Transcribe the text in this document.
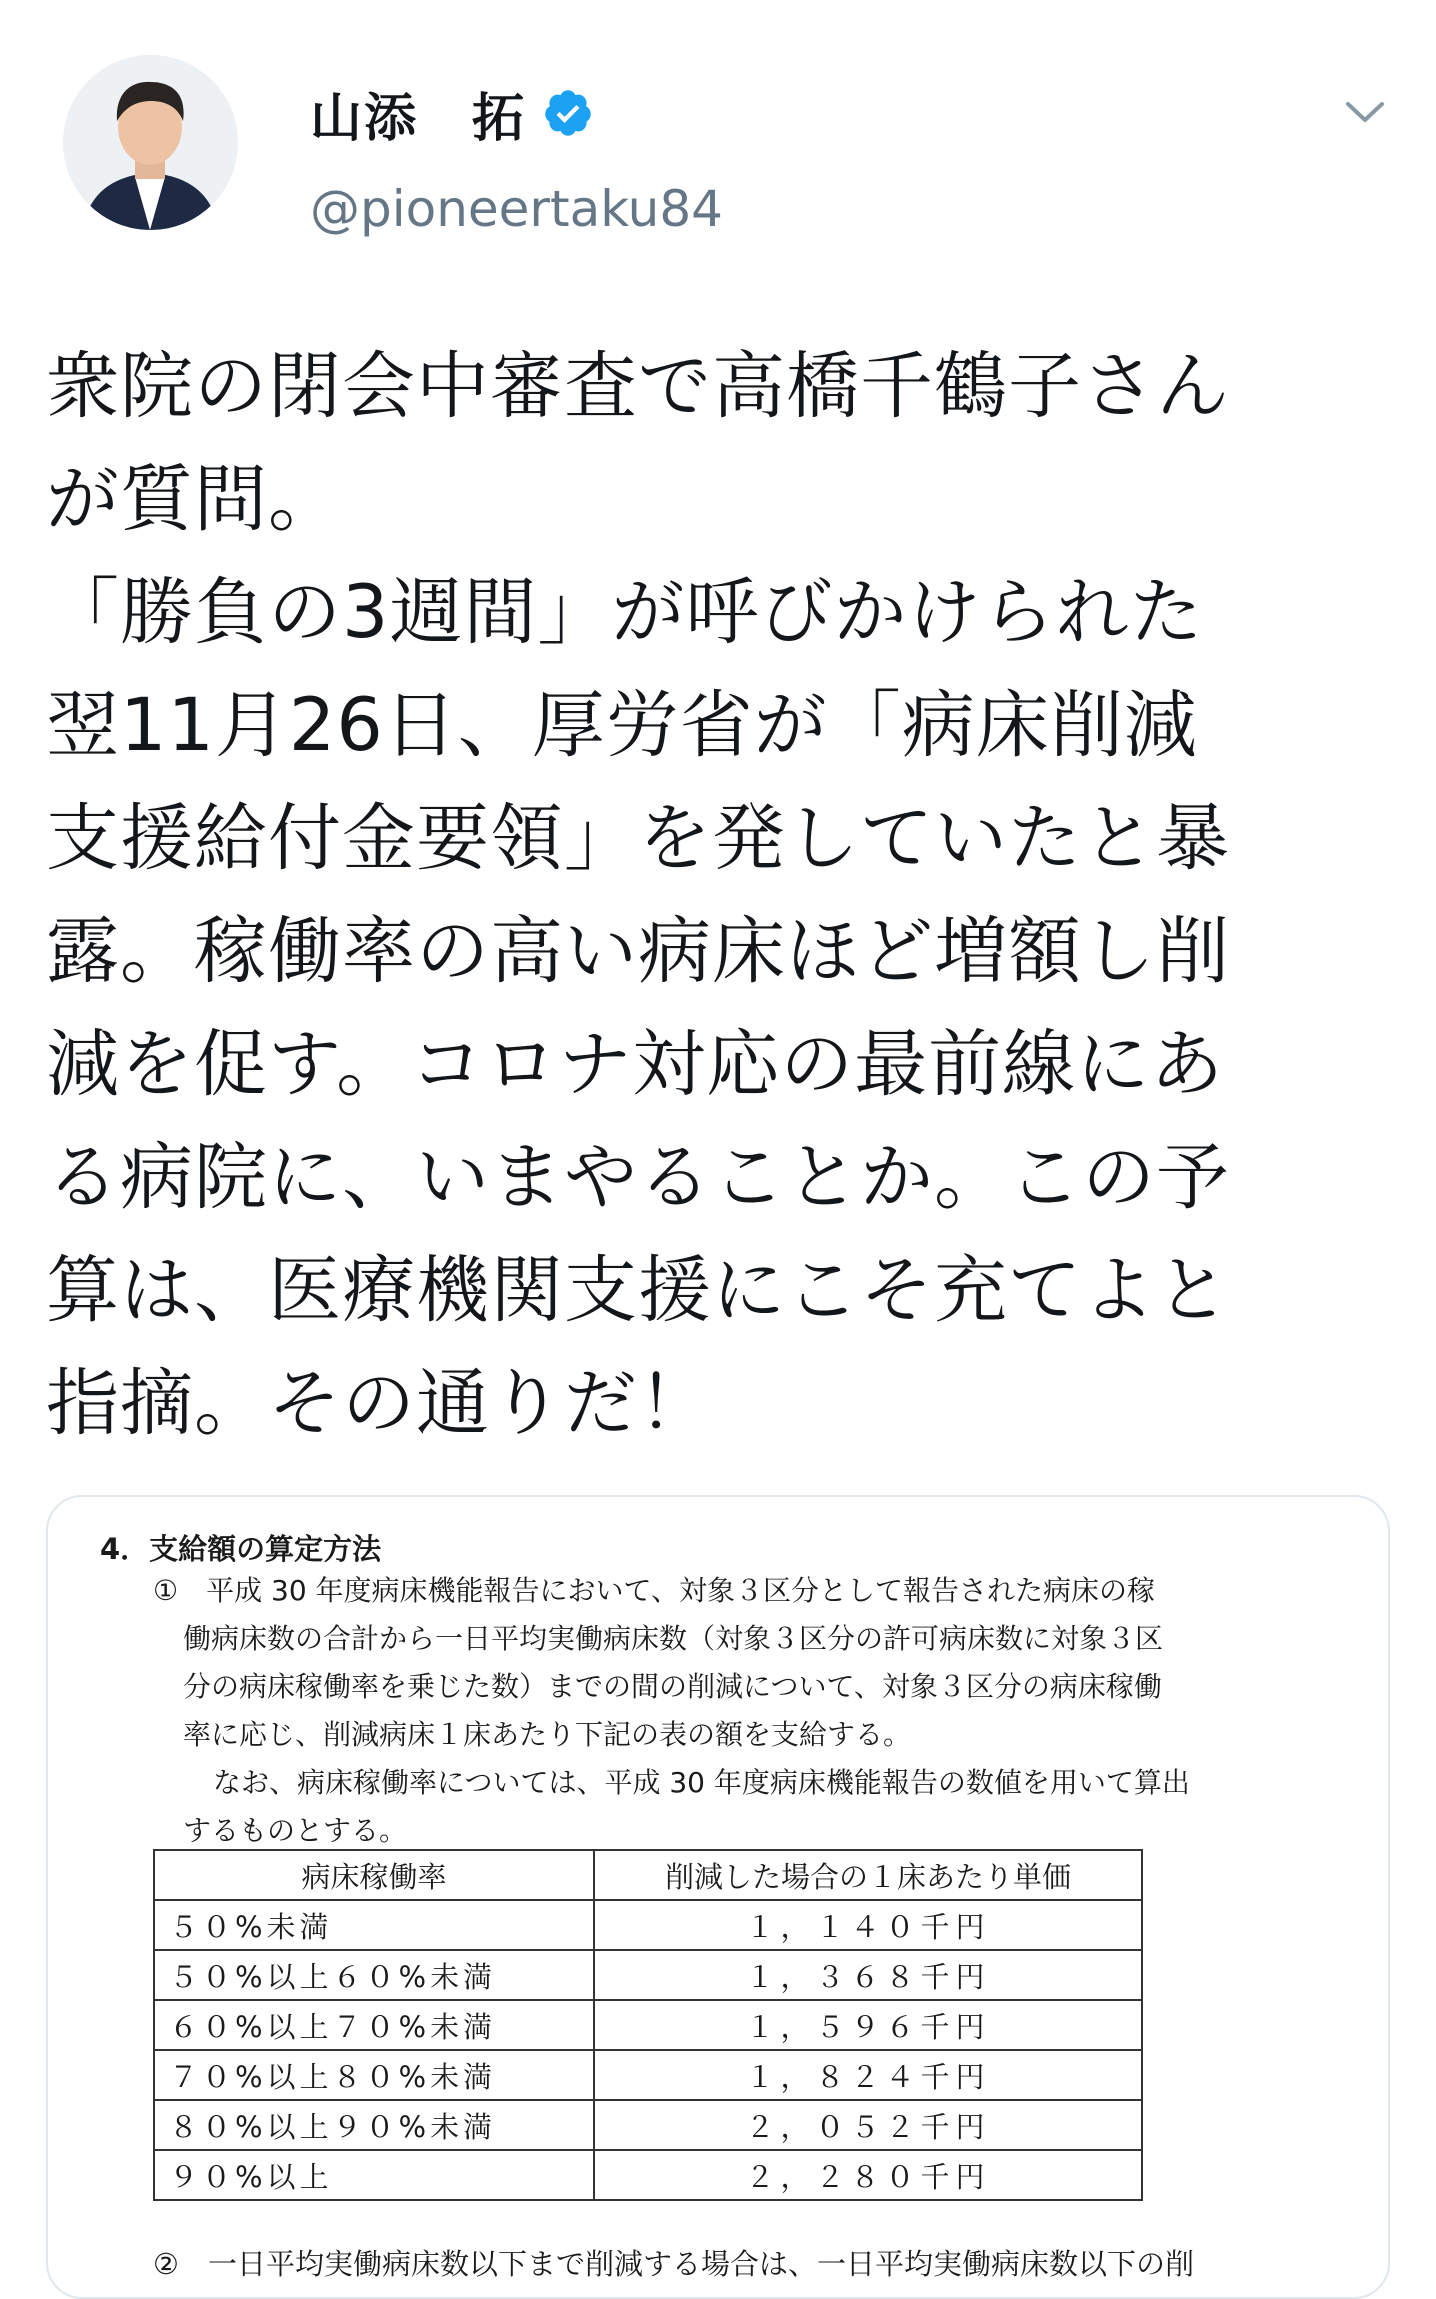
山添　拓
@pioneertaku84
衆院の閉会中審査で高橋千鶴子さん
が質問。
「勝負の3週間」が呼びかけられた
翌11月26日、厚労省が「病床削減
支援給付金要領」を発していたと暴
露。稼働率の高い病床ほど増額し削
減を促す。コロナ対応の最前線にあ
る病院に、いまやることか。この予
算は、医療機関支援にこそ充てよと
指摘。その通りだ！
4．支給額の算定方法
①　平成 30 年度病床機能報告において、対象３区分として報告された病床の稼
働病床数の合計から一日平均実働病床数（対象３区分の許可病床数に対象３区
分の病床稼働率を乗じた数）までの間の削減について、対象３区分の病床稼働
率に応じ、削減病床１床あたり下記の表の額を支給する。
なお、病床稼働率については、平成 30 年度病床機能報告の数値を用いて算出
するものとする。
病床稼働率	削減した場合の１床あたり単価
５０%未満	１，１４０千円
５０%以上６０%未満	１，３６８千円
６０%以上７０%未満	１，５９６千円
７０%以上８０%未満	１，８２４千円
８０%以上９０%未満	２，０５２千円
９０%以上	２，２８０千円
②　一日平均実働病床数以下まで削減する場合は、一日平均実働病床数以下の削
